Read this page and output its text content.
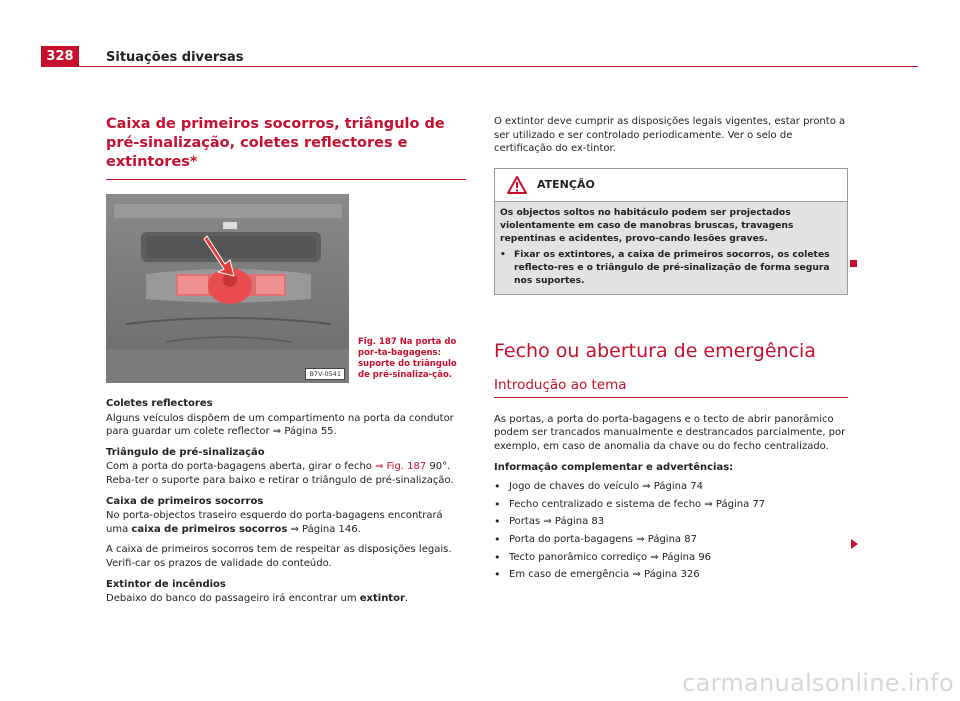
328	Situações diversas
Caixa de primeiros socorros, triângulo de pré-sinalização, coletes reflectores e extintores*
B7V-0541
Fig. 187 Na porta do por-ta-bagagens: suporte do triângulo de pré-sinaliza-ção.
Coletes reflectores

Alguns veículos dispõem de um compartimento na porta da condutor para guardar um colete reflector ⇒ Página 55.

Triângulo de pré-sinalização

Com a porta do porta-bagagens aberta, girar o fecho ⇒ Fig. 187 90°. Reba-ter o suporte para baixo e retirar o triângulo de pré-sinalização.

Caixa de primeiros socorros

No porta-objectos traseiro esquerdo do porta-bagagens encontrará uma caixa de primeiros socorros ⇒ Página 146.

A caixa de primeiros socorros tem de respeitar as disposições legais. Verifi-car os prazos de validade do conteúdo.

Extintor de incêndios

Debaixo do banco do passageiro irá encontrar um extintor.

O extintor deve cumprir as disposições legais vigentes, estar pronto a ser utilizado e ser controlado periodicamente. Ver o selo de certificação do ex-tintor.

ATENÇÃO

Os objectos soltos no habitáculo podem ser projectados violentamente em caso de manobras bruscas, travagens repentinas e acidentes, provo-cando lesões graves.

• Fixar os extintores, a caixa de primeiros socorros, os coletes reflecto-res e o triângulo de pré-sinalização de forma segura nos suportes.

Fecho ou abertura de emergência
Introdução ao tema

As portas, a porta do porta-bagagens e o tecto de abrir panorâmico podem ser trancados manualmente e destrancados parcialmente, por exemplo, em caso de anomalia da chave ou do fecho centralizado.

Informação complementar e advertências:
• Jogo de chaves do veículo ⇒ Página 74
• Fecho centralizado e sistema de fecho ⇒ Página 77
• Portas ⇒ Página 83
• Porta do porta-bagagens ⇒ Página 87
• Tecto panorâmico corrediço ⇒ Página 96
• Em caso de emergência ⇒ Página 326
carmanualsonline.info
